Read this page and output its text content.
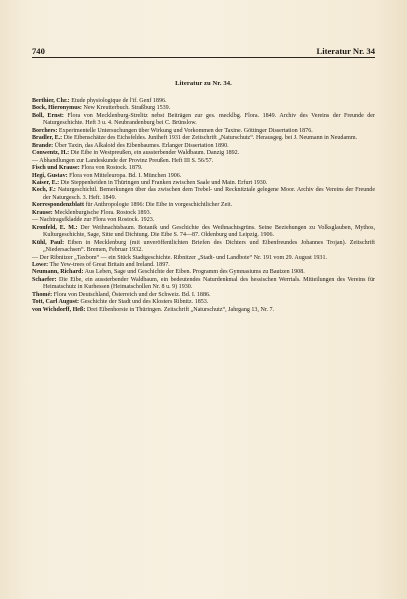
740	Literatur Nr. 34
Literatur zu Nr. 34.

Berthier, Chr.: Etude physiologique de l'if. Genf 1896.

Bock, Hieronymus: New Kreutterbuch. Straßburg 1539.

Boll, Ernst: Flora von Mecklenburg-Strelitz nebst Beiträgen zur ges. mecklbg. Flora. 1849. Archiv des Vereins der Freunde der Naturgeschichte. Heft 3 u. 4. Neubrandenburg bei C. Brünslow.

Borchers: Experimentelle Untersuchungen über Wirkung und Vorkommen der Taxine. Göttinger Dissertation 1876.

Bradler, E.: Die Eibenschätze des Eichsfeldes. Juniheft 1931 der Zeitschrift „Naturschutz“. Herausgeg. bei J. Neumann in Neudamm.

Brande: Über Taxin, das Alkaloid des Eibenbaumes. Erlanger Dissertation 1890.

Conwentz, H.: Die Eibe in Westpreußen, ein aussterbender Waldbaum. Danzig 1892.

— Abhandlungen zur Landeskunde der Provinz Preußen. Heft III S. 56/57.

Fisch und Krause: Flora von Rostock. 1879.

Hegi, Gustav: Flora von Mitteleuropa. Bd. I. München 1906.

Kaiser, E.: Die Steppenheiden in Thüringen und Franken zwischen Saale und Main. Erfurt 1930.

Koch, F.: Naturgeschichtl. Bemerkungen über das zwischen dem Trebel- und Recknitztale gelegene Moor. Archiv des Vereins der Freunde der Naturgesch. 3. Heft. 1849.

Korrespondenzblatt für Anthropologie 1896: Die Eibe in vorgeschichtlicher Zeit.

Krause: Mecklenburgische Flora. Rostock 1893.

— Nachtragsfkladde zur Flora von Rostock. 1923.

Kronfeld, E. M.: Der Weihnachtsbaum. Botanik und Geschichte des Weihnachtsgrüns. Seine Beziehungen zu Volksglauben, Mythos, Kulturgeschichte, Sage, Sitte und Dichtung. Die Eibe S. 74—87. Oldenburg und Leipzig. 1906.

Kühl, Paul: Eiben in Mecklenburg (mit unveröffentlichten Briefen des Dichters und Eibenfreundes Johannes Trojan). Zeitschrift „Niedersachsen“. Bremen, Februar 1932.

— Der Ribnitzer „Taxbom“ — ein Stück Stadtgeschichte. Ribnitzer „Stadt- und Landbote“ Nr. 191 vom 29. August 1931.

Lowe: The Yew-trees of Great Britain and Ireland. 1897.

Neumann, Richard: Aus Leben, Sage und Geschichte der Eiben. Programm des Gymnasiums zu Bautzen 1908.

Schaefer: Die Eibe, ein aussterbender Waldbaum, ein bedeutendes Naturdenkmal des hessischen Werrtals. Mitteilungen des Vereins für Heimatschutz in Kurhessen (Heimatschollen Nr. 8 u. 9) 1930.

Thomé: Flora von Deutschland, Österreich und der Schweiz. Bd. I. 1886.

Tott, Carl August: Geschichte der Stadt und des Klosters Ribnitz. 1853.

von Wichdorff, Heß: Drei Eibenhorste in Thüringen. Zeitschrift „Naturschutz“, Jahrgang 13, Nr. 7.
